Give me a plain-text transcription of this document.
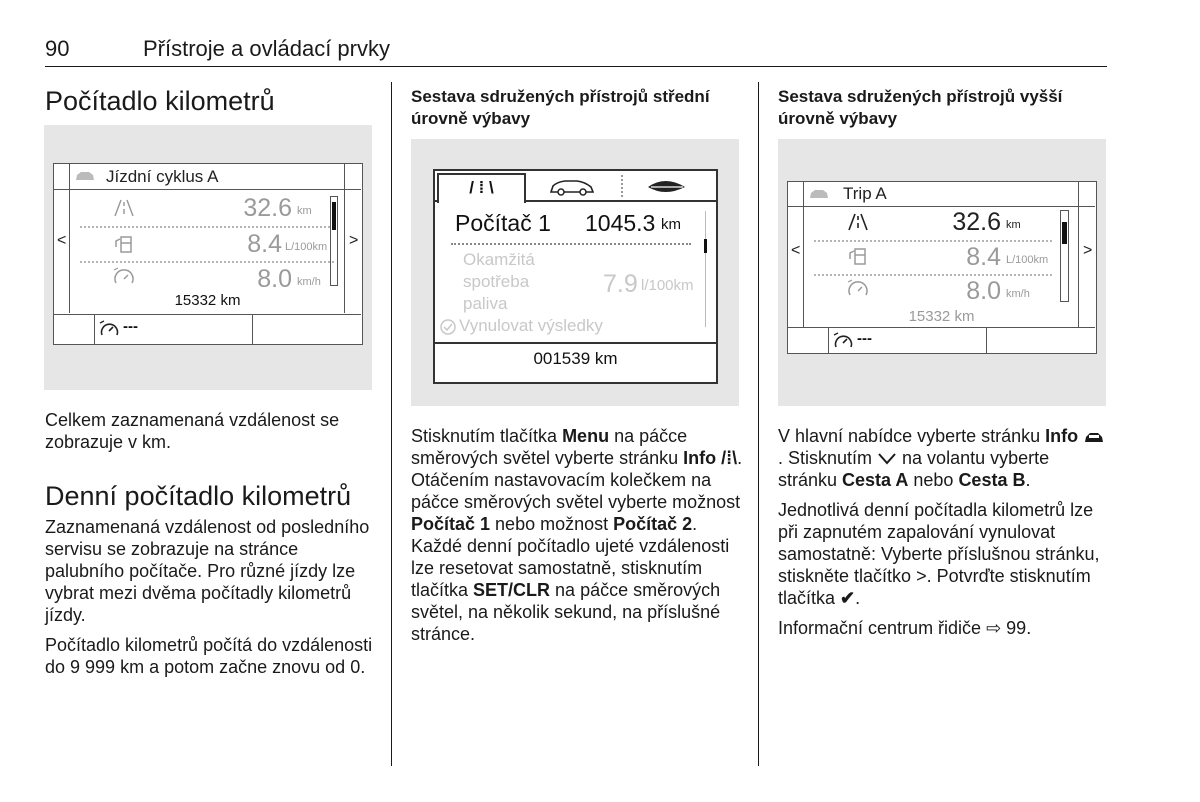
90	Přístroje a ovládací prvky
Počítadlo kilometrů
Jízdní cyklus A
<	>
32.6 km
8.4 L/100km
8.0 km/h
15332 km
---
Celkem zaznamenaná vzdálenost se zobrazuje v km.
Denní počítadlo kilometrů

Zaznamenaná vzdálenost od posledního servisu se zobrazuje na stránce palubního počítače. Pro různé jízdy lze vybrat mezi dvěma počítadly kilometrů jízdy.

Počítadlo kilometrů počítá do vzdálenosti do 9 999 km a potom začne znovu od 0.

Sestava sdružených přístrojů střední úrovně výbavy
/ ⁞ \
Počítač 1 1045.3 km
Okamžitá
spotřeba
paliva
7.9 l/100km
Vynulovat výsledky
001539 km
Stisknutím tlačítka Menu na páčce směrových světel vyberte stránku Info /⁞\. Otáčením nastavovacím kolečkem na páčce směrových světel vyberte možnost Počítač 1 nebo možnost Počítač 2. Každé denní počítadlo ujeté vzdálenosti lze resetovat samostatně, stisknutím tlačítka SET/CLR na páčce směrových světel, na několik sekund, na příslušné stránce.
Sestava sdružených přístrojů vyšší úrovně výbavy
Trip A
<	>
32.6 km
8.4 L/100km
8.0 km/h
15332 km
---

V hlavní nabídce vyberte stránku Info . Stisknutím  na volantu vyberte stránku Cesta A nebo Cesta B.

Jednotlivá denní počítadla kilometrů lze při zapnutém zapalování vynulovat samostatně: Vyberte příslušnou stránku, stiskněte tlačítko >. Potvrďte stisknutím tlačítka ✔.

Informační centrum řidiče ⇨ 99.
